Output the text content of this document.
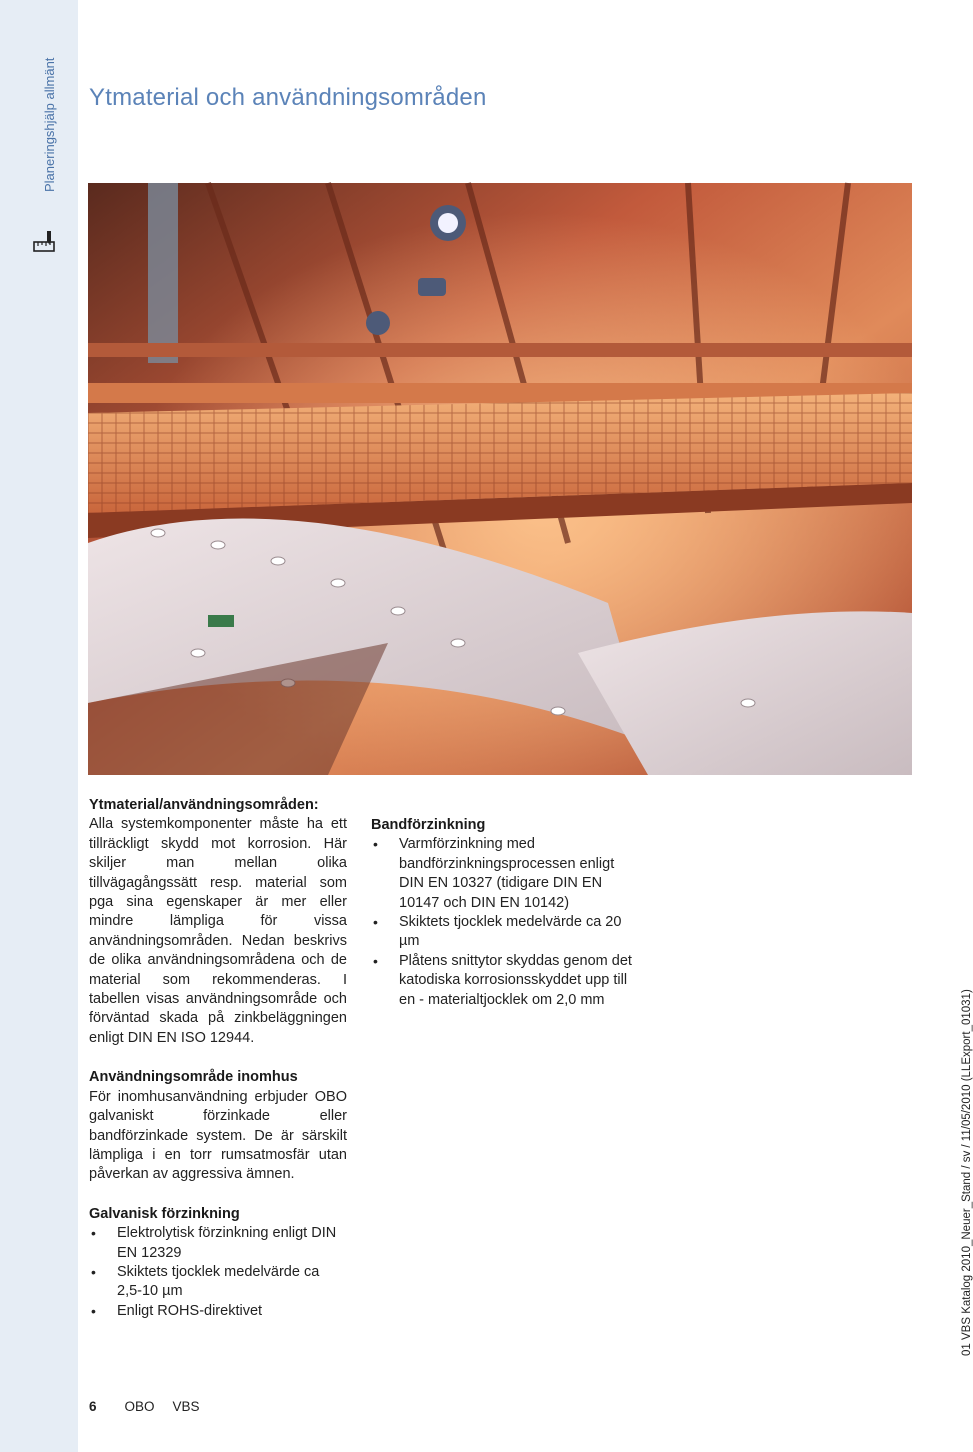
Planeringshjälp allmänt Ytmaterial och användningsområden

Ytmaterial/användningsområden:

Alla systemkomponenter måste ha ett tillräckligt skydd mot korrosion. Här skiljer man mellan olika tillvägagångssätt resp. material som pga sina egenskaper är mer eller mindre lämpliga för vissa användningsområden. Nedan beskrivs de olika användningsområdena och de material som rekommenderas. I tabellen visas användningsområde och förväntad skada på zinkbeläggningen enligt DIN EN ISO 12944.

Användningsområde inomhus

För inomhusanvändning erbjuder OBO galvaniskt förzinkade eller bandförzinkade system. De är särskilt lämpliga i en torr rumsatmosfär utan påverkan av aggressiva ämnen.

Galvanisk förzinkning

• Elektrolytisk förzinkning enligt DIN EN 12329
• Skiktets tjocklek medelvärde ca 2,5-10 µm
• Enligt ROHS-direktivet

Bandförzinkning

• Varmförzinkning med bandförzinkningsprocessen enligt DIN EN 10327 (tidigare DIN EN 10147 och DIN EN 10142)
• Skiktets tjocklek medelvärde ca 20 µm
• Plåtens snittytor skyddas genom det katodiska korrosionsskyddet upp till en - materialtjocklek om 2,0 mm	01 VBS Katalog 2010_Neuer_Stand / sv / 11/05/2010 (LLExport_01031)
6 OBO VBS
